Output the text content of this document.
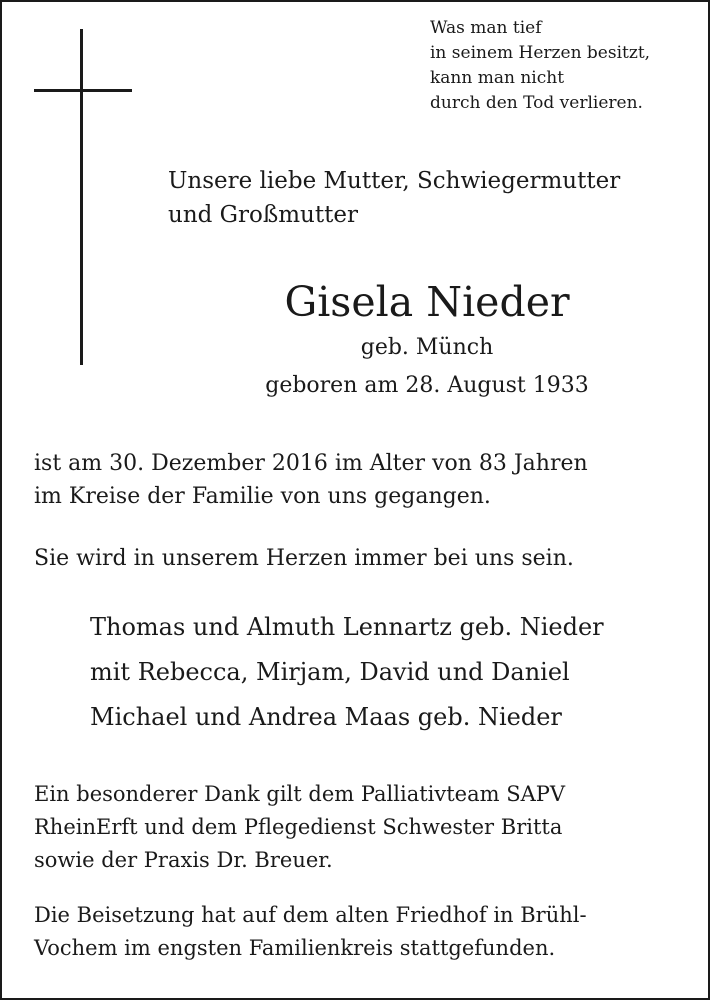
Was man tief
in seinem Herzen besitzt,
kann man nicht
durch den Tod verlieren.
Unsere liebe Mutter, Schwiegermutter
und Großmutter
Gisela Nieder
geb. Münch
geboren am 28. August 1933
ist am 30. Dezember 2016 im Alter von 83 Jahren
im Kreise der Familie von uns gegangen.
Sie wird in unserem Herzen immer bei uns sein.
Thomas und Almuth Lennartz geb. Nieder
mit Rebecca, Mirjam, David und Daniel
Michael und Andrea Maas geb. Nieder
Ein besonderer Dank gilt dem Palliativteam SAPV
RheinErft und dem Pflegedienst Schwester Britta
sowie der Praxis Dr. Breuer.
Die Beisetzung hat auf dem alten Friedhof in Brühl-
Vochem im engsten Familienkreis stattgefunden.
